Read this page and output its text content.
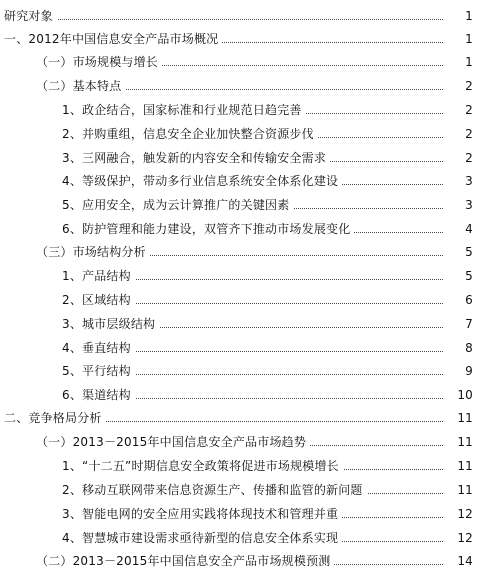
研究对象	1
一、2012年中国信息安全产品市场概况	1
（一）市场规模与增长	1
（二）基本特点	2
1、政企结合，国家标准和行业规范日趋完善	2
2、并购重组，信息安全企业加快整合资源步伐	2
3、三网融合，触发新的内容安全和传输安全需求	2
4、等级保护，带动多行业信息系统安全体系化建设	3
5、应用安全，成为云计算推广的关键因素	3
6、防护管理和能力建设，双管齐下推动市场发展变化	4
（三）市场结构分析	5
1、产品结构	5
2、区域结构	6
3、城市层级结构	7
4、垂直结构	8
5、平行结构	9
6、渠道结构	10
二、竞争格局分析	11
（一）2013－2015年中国信息安全产品市场趋势	11
1、“十二五”时期信息安全政策将促进市场规模增长	11
2、移动互联网带来信息资源生产、传播和监管的新问题	11
3、智能电网的安全应用实践将体现技术和管理并重	12
4、智慧城市建设需求亟待新型的信息安全体系实现	12
（二）2013－2015年中国信息安全产品市场规模预测	14
